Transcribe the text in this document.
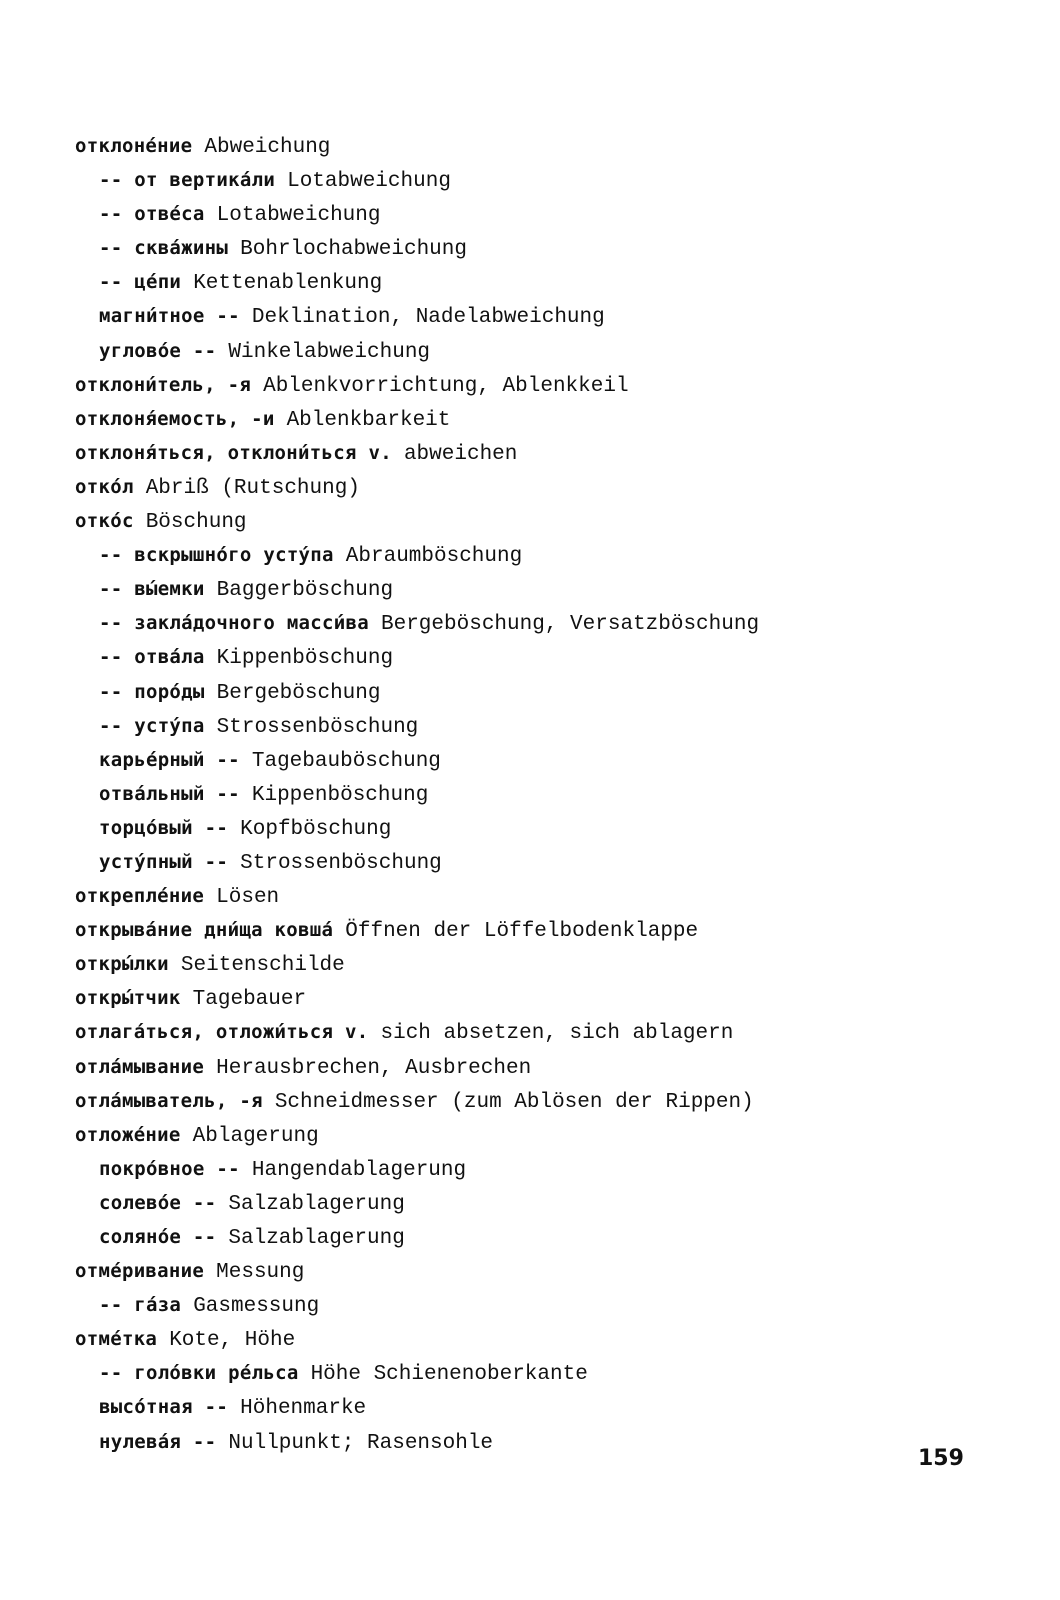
отклонéние Abweichung
-- от вертикáли Lotabweichung
-- отвéса Lotabweichung
-- сквáжины Bohrlochabweichung
-- цéпи Kettenablenkung
магни́тное -- Deklination, Nadelabweichung
угловóе -- Winkelabweichung
отклони́тель, -я Ablenkvorrichtung, Ablenkkeil
отклоня́емость, -и Ablenkbarkeit
отклоня́ться, отклони́ться v. abweichen
откóл Abriß (Rutschung)
откóс Böschung
-- вскрышнóго усту́па Abraumböschung
-- вы́емки Baggerböschung
-- заклáдочного масси́ва Bergeböschung, Versatzböschung
-- отвáла Kippenböschung
-- порóды Bergeböschung
-- усту́па Strossenböschung
карьéрный -- Tagebauböschung
отвáльный -- Kippenböschung
торцóвый -- Kopfböschung
усту́пный -- Strossenböschung
откреплéние Lösen
открывáние дни́ща ковшá Öffnen der Löffelbodenklappe
откры́лки Seitenschilde
откры́тчик Tagebauer
отлагáться, отложи́ться v. sich absetzen, sich ablagern
отлáмывание Herausbrechen, Ausbrechen
отлáмыватель, -я Schneidmesser (zum Ablösen der Rippen)
отложéние Ablagerung
покрóвное -- Hangendablagerung
солевóе -- Salzablagerung
солянóе -- Salzablagerung
отмéривание Messung
-- гáза Gasmessung
отмéтка Kote, Höhe
-- голóвки рéльса Höhe Schienenoberkante
высóтная -- Höhenmarke
нулевáя -- Nullpunkt; Rasensohle
159
